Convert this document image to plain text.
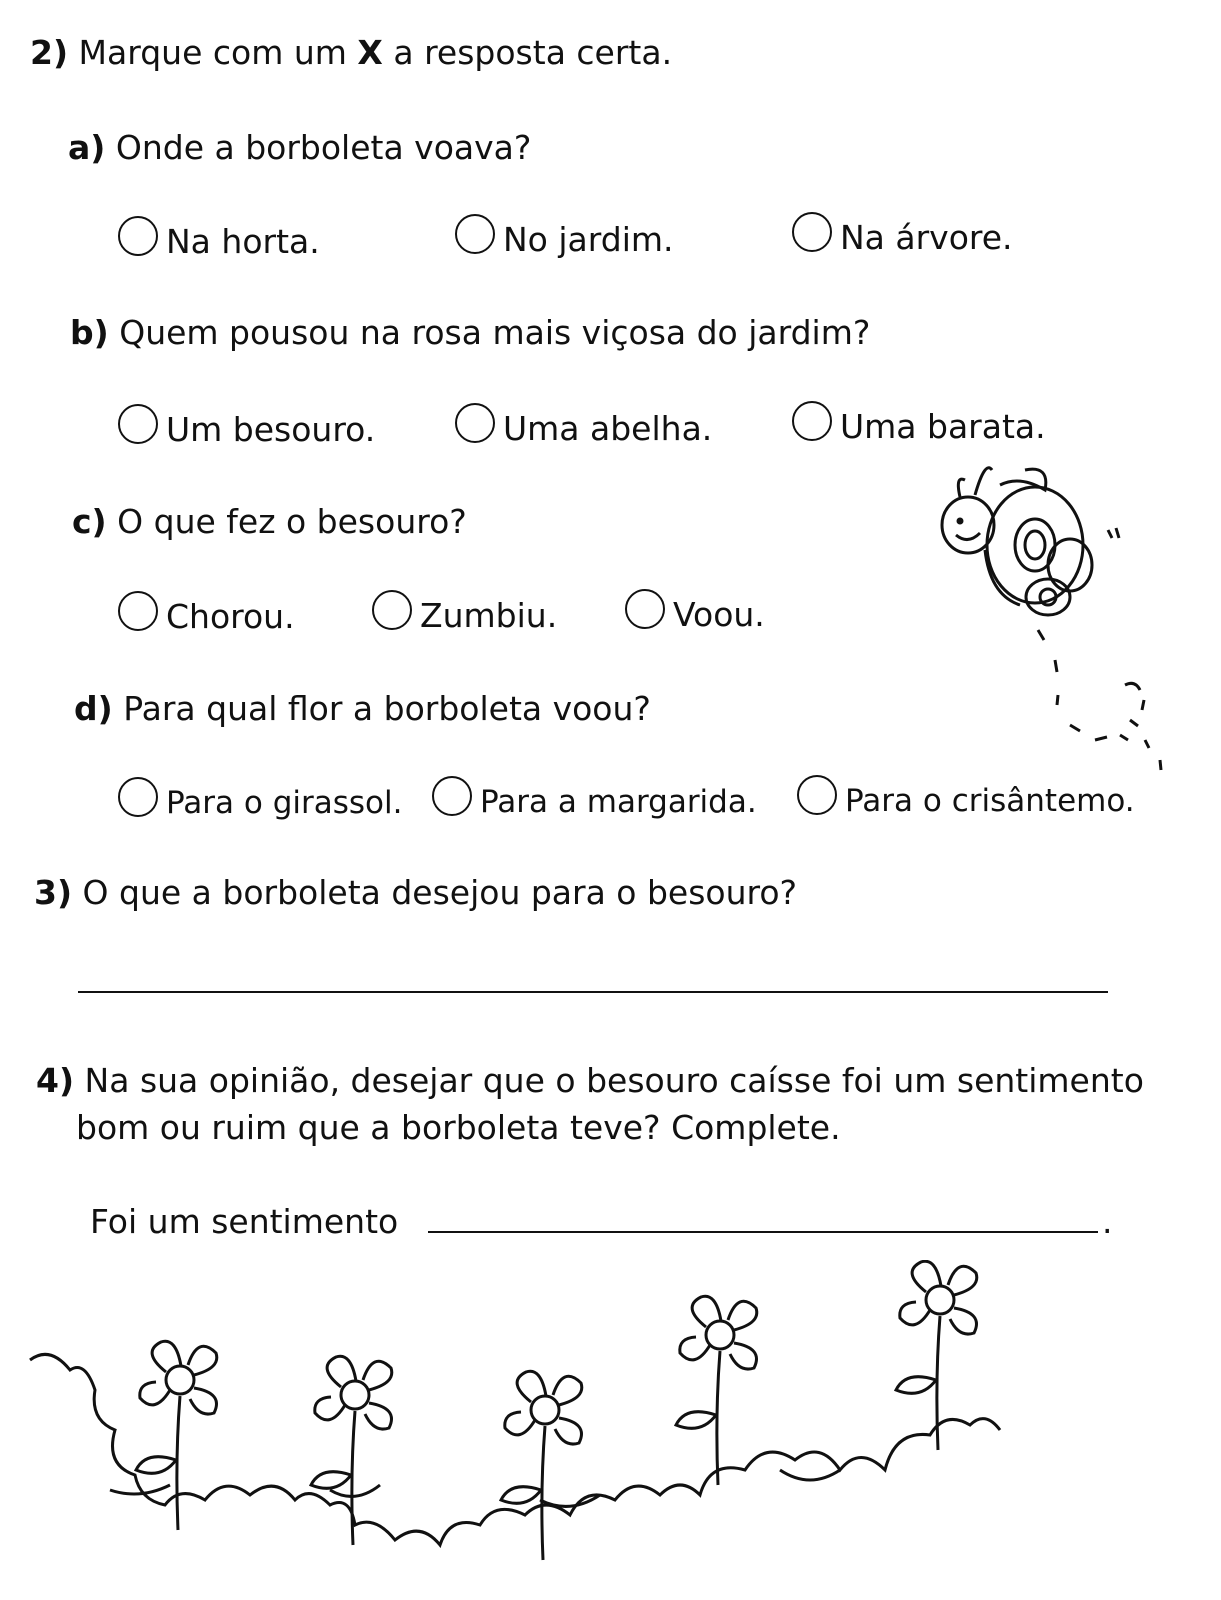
2) Marque com um X a resposta certa.
a) Onde a borboleta voava?
Na horta.	No jardim.	Na árvore.
b) Quem pousou na rosa mais viçosa do jardim?
Um besouro.	Uma abelha.	Uma barata.
c) O que fez o besouro?
Chorou.	Zumbiu.	Voou.
d) Para qual flor a borboleta voou?
Para o girassol.	Para a margarida.	Para o crisântemo.
3) O que a borboleta desejou para o besouro?
4) Na sua opinião, desejar que o besouro caísse foi um sentimento
bom ou ruim que a borboleta teve? Complete.
Foi um sentimento	.
